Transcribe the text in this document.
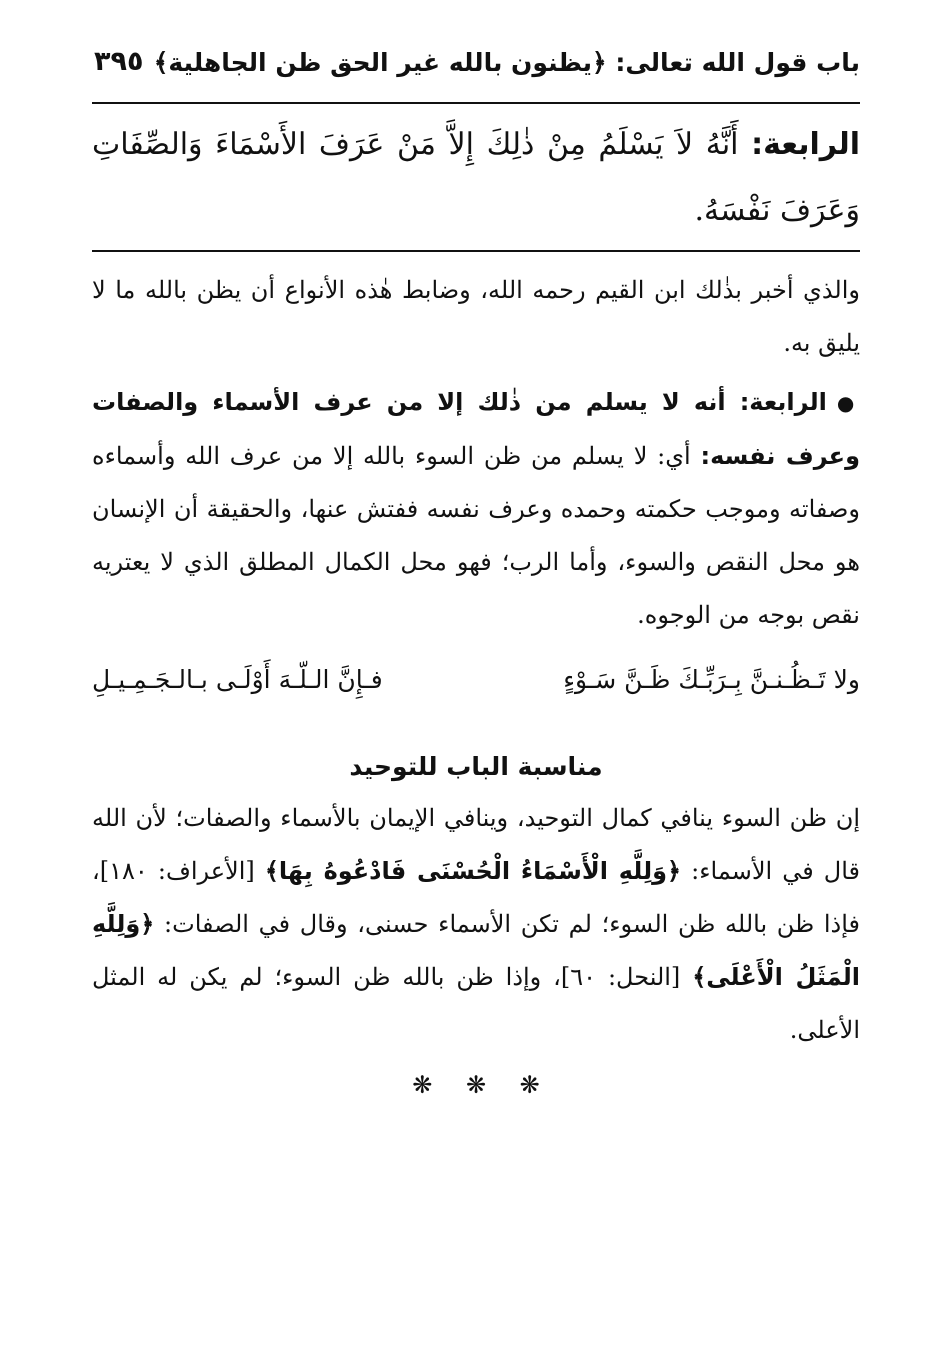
باب قول الله تعالى: ﴿يظنون بالله غير الحق ظن الجاهلية﴾
٣٩٥
الرابعة: أَنَّهُ لاَ يَسْلَمُ مِنْ ذٰلِكَ إِلاَّ مَنْ عَرَفَ الأَسْمَاءَ وَالصِّفَاتِ وَعَرَفَ نَفْسَهُ.

والذي أخبر بذٰلك ابن القيم رحمه الله، وضابط هٰذه الأنواع أن يظن بالله ما لا يليق به.

●الرابعة: أنه لا يسلم من ذٰلك إلا من عرف الأسماء والصفات وعرف نفسه: أي: لا يسلم من ظن السوء بالله إلا من عرف الله وأسماءه وصفاته وموجب حكمته وحمده وعرف نفسه ففتش عنها، والحقيقة أن الإنسان هو محل النقص والسوء، وأما الرب؛ فهو محل الكمال المطلق الذي لا يعتريه نقص بوجه من الوجوه.

ولا تَـظُـنـنَّ بِـرَبِّـكَ ظَـنَّ سَـوْءٍ
فـإِنَّ الـلّـهَ أَوْلَـى بـالـجَـمِـيـلِ
مناسبة الباب للتوحيد

إن ظن السوء ينافي كمال التوحيد، وينافي الإيمان بالأسماء والصفات؛ لأن الله قال في الأسماء: ﴿وَلِلَّهِ الْأَسْمَاءُ الْحُسْنَى فَادْعُوهُ بِهَا﴾ [الأعراف: ١٨٠]، فإذا ظن بالله ظن السوء؛ لم تكن الأسماء حسنى، وقال في الصفات: ﴿وَلِلَّهِ الْمَثَلُ الْأَعْلَى﴾ [النحل: ٦٠]، وإذا ظن بالله ظن السوء؛ لم يكن له المثل الأعلى.

❋ ❋ ❋
